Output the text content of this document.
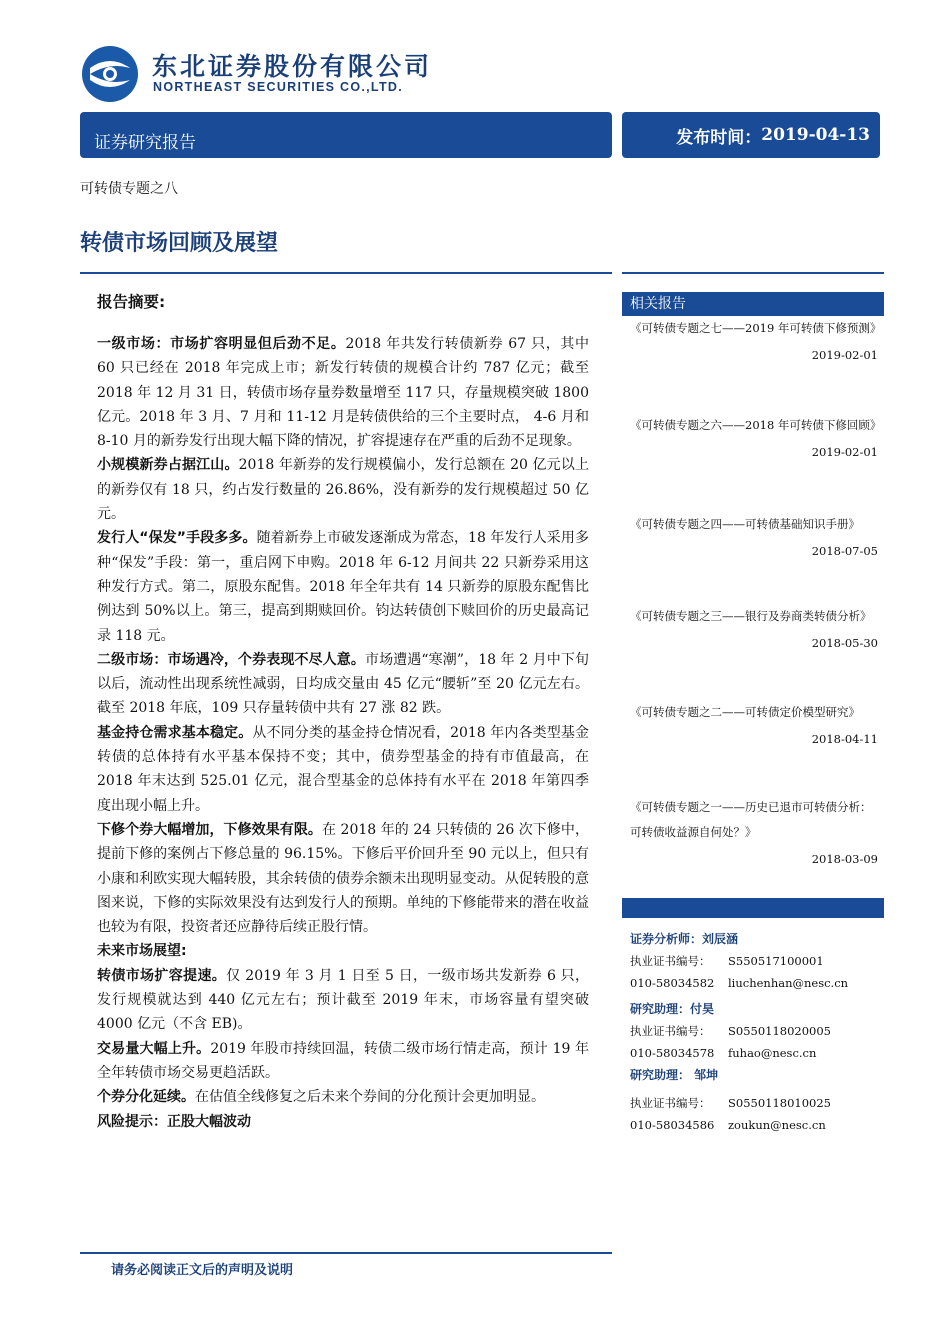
东北证券股份有限公司
NORTHEAST SECURITIES CO.,LTD.
证券研究报告	发布时间： 2019-04-13
可转债专题之八
转债市场回顾及展望
报告摘要:

一级市场：市场扩容明显但后劲不足。2018 年共发行转债新券 67 只，其中 60 只已经在 2018 年完成上市；新发行转债的规模合计约 787 亿元；截至 2018 年 12 月 31 日，转债市场存量券数量增至 117 只，存量规模突破 1800 亿元。2018 年 3 月、7 月和 11-12 月是转债供给的三个主要时点， 4-6 月和 8-10 月的新券发行出现大幅下降的情况，扩容提速存在严重的后劲不足现象。

小规模新券占据江山。2018 年新券的发行规模偏小，发行总额在 20 亿元以上的新券仅有 18 只，约占发行数量的 26.86%，没有新券的发行规模超过 50 亿元。

发行人“保发”手段多多。随着新券上市破发逐渐成为常态，18 年发行人采用多种“保发”手段：第一，重启网下申购。2018 年 6-12 月间共 22 只新券采用这种发行方式。第二，原股东配售。2018 年全年共有 14 只新券的原股东配售比例达到 50%以上。第三，提高到期赎回价。钧达转债创下赎回价的历史最高记录 118 元。

二级市场：市场遇冷，个券表现不尽人意。市场遭遇“寒潮”，18 年 2 月中下旬以后，流动性出现系统性减弱，日均成交量由 45 亿元“腰斩”至 20 亿元左右。截至 2018 年底，109 只存量转债中共有 27 涨 82 跌。

基金持仓需求基本稳定。从不同分类的基金持仓情况看，2018 年内各类型基金转债的总体持有水平基本保持不变；其中，债券型基金的持有市值最高，在 2018 年末达到 525.01 亿元，混合型基金的总体持有水平在 2018 年第四季度出现小幅上升。

下修个券大幅增加，下修效果有限。在 2018 年的 24 只转债的 26 次下修中，提前下修的案例占下修总量的 96.15%。下修后平价回升至 90 元以上，但只有小康和利欧实现大幅转股，其余转债的债券余额未出现明显变动。从促转股的意图来说，下修的实际效果没有达到发行人的预期。单纯的下修能带来的潜在收益也较为有限，投资者还应静待后续正股行情。

未来市场展望:

转债市场扩容提速。仅 2019 年 3 月 1 日至 5 日，一级市场共发新券 6 只，发行规模就达到 440 亿元左右；预计截至 2019 年末，市场容量有望突破 4000 亿元（不含 EB)。

交易量大幅上升。2019 年股市持续回温，转债二级市场行情走高，预计 19 年全年转债市场交易更趋活跃。

个券分化延续。在估值全线修复之后未来个券间的分化预计会更加明显。

风险提示：正股大幅波动

请务必阅读正文后的声明及说明
相关报告
《可转债专题之七——2019 年可转债下修预测》
2019-02-01
《可转债专题之六——2018 年可转债下修回顾》
2019-02-01
《可转债专题之四——可转债基础知识手册》
2018-07-05
《可转债专题之三——银行及券商类转债分析》
2018-05-30
《可转债专题之二——可转债定价模型研究》
2018-04-11
《可转债专题之一——历史已退市可转债分析：可转债收益源自何处？》
2018-03-09
证券分析师：刘辰涵
执业证书编号： S550517100001
010-58034582 liuchenhan@nesc.cn
研究助理：付昊
执业证书编号： S0550118020005
010-58034578 fuhao@nesc.cn
研究助理： 邹坤
执业证书编号： S0550118010025
010-58034586 zoukun@nesc.cn
